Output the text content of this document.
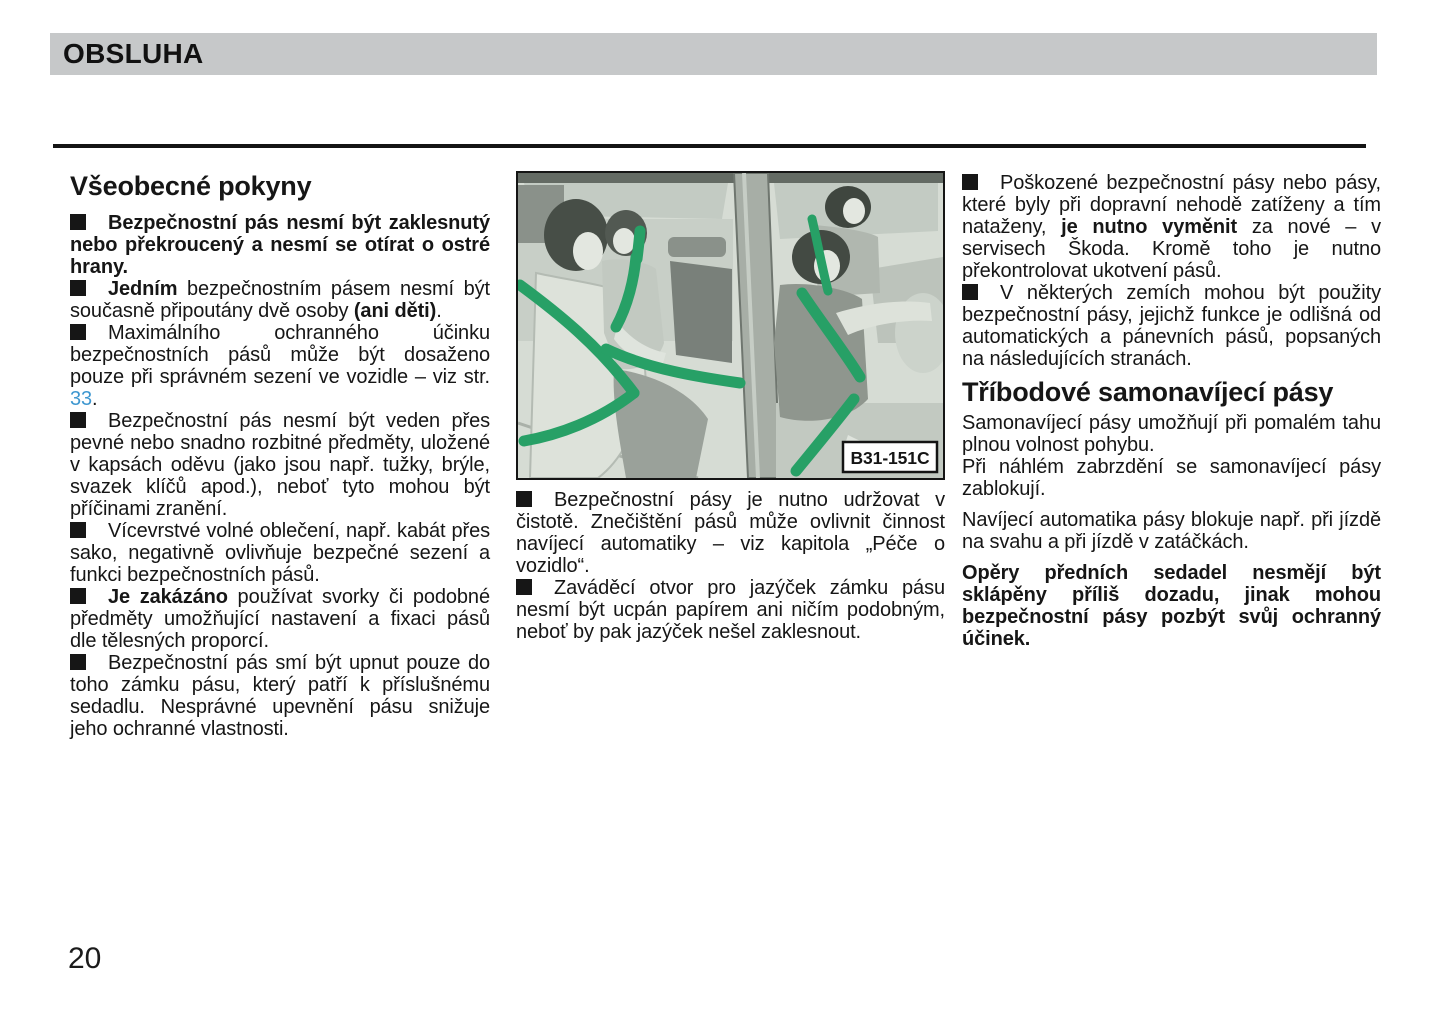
OBSLUHA
Všeobecné pokyny

Bezpečnostní pás nesmí být zaklesnutý nebo překroucený a nesmí se otírat o ostré hrany.

Jedním bezpečnostním pásem nesmí být současně připoutány dvě osoby (ani děti).

Maximálního ochranného účinku bezpečnostních pásů může být dosaženo pouze při správném sezení ve vozidle – viz str. 33.

Bezpečnostní pás nesmí být veden přes pevné nebo snadno rozbitné předměty, uložené v kapsách oděvu (jako jsou např. tužky, brýle, svazek klíčů apod.), neboť tyto mohou být příčinami zranění.

Vícevrstvé volné oblečení, např. kabát přes sako, negativně ovlivňuje bezpečné sezení a funkci bezpečnostních pásů.

Je zakázáno používat svorky či podobné předměty umožňující nastavení a fixaci pásů dle tělesných proporcí.

Bezpečnostní pás smí být upnut pouze do toho zámku pásu, který patří k příslušnému sedadlu. Nesprávné upevnění pásu snižuje jeho ochranné vlastnosti.

B31-151C

Bezpečnostní pásy je nutno udržovat v čistotě. Znečištění pásů může ovlivnit činnost navíjecí automatiky – viz kapitola „Péče o vozidlo“.

Zaváděcí otvor pro jazýček zámku pásu nesmí být ucpán papírem ani ničím podobným, neboť by pak jazýček nešel zaklesnout.

Poškozené bezpečnostní pásy nebo pásy, které byly při dopravní nehodě zatíženy a tím nataženy, je nutno vyměnit za nové – v servisech Škoda. Kromě toho je nutno překontrolovat ukotvení pásů.

V některých zemích mohou být použity bezpečnostní pásy, jejichž funkce je odlišná od automatických a pánevních pásů, popsaných na následujících stranách.

Tříbodové samonavíjecí pásy

Samonavíjecí pásy umožňují při pomalém tahu plnou volnost pohybu.

Při náhlém zabrzdění se samonavíjecí pásy zablokují.

Navíjecí automatika pásy blokuje např. při jízdě na svahu a při jízdě v zatáčkách.

Opěry předních sedadel nesmějí být sklápěny příliš dozadu, jinak mohou bezpečnostní pásy pozbýt svůj ochranný účinek.

20
